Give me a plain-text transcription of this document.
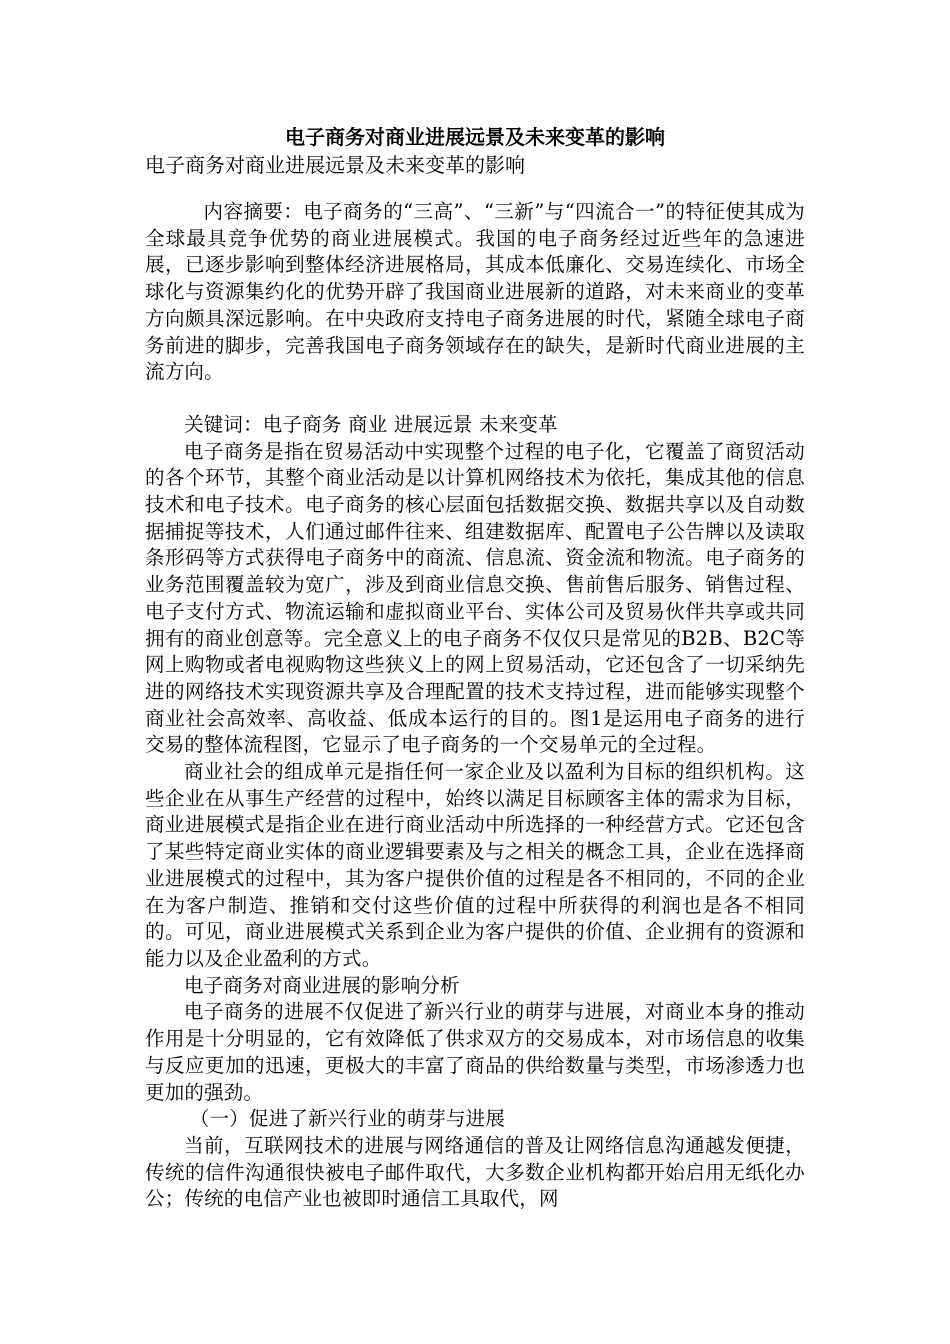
电子商务对商业进展远景及未来变革的影响
电子商务对商业进展远景及未来变革的影响

内容摘要：电子商务的“三高”、“三新”与“四流合一”的特征使其成为全球最具竞争优势的商业进展模式。我国的电子商务经过近些年的急速进展，已逐步影响到整体经济进展格局，其成本低廉化、交易连续化、市场全球化与资源集约化的优势开辟了我国商业进展新的道路，对未来商业的变革方向颇具深远影响。在中央政府支持电子商务进展的时代，紧随全球电子商务前进的脚步，完善我国电子商务领域存在的缺失，是新时代商业进展的主流方向。

关键词：电子商务 商业 进展远景 未来变革

电子商务是指在贸易活动中实现整个过程的电子化，它覆盖了商贸活动的各个环节，其整个商业活动是以计算机网络技术为依托，集成其他的信息技术和电子技术。电子商务的核心层面包括数据交换、数据共享以及自动数据捕捉等技术，人们通过邮件往来、组建数据库、配置电子公告牌以及读取条形码等方式获得电子商务中的商流、信息流、资金流和物流。电子商务的业务范围覆盖较为宽广，涉及到商业信息交换、售前售后服务、销售过程、电子支付方式、物流运输和虚拟商业平台、实体公司及贸易伙伴共享或共同拥有的商业创意等。完全意义上的电子商务不仅仅只是常见的B2B、B2C等网上购物或者电视购物这些狭义上的网上贸易活动，它还包含了一切采纳先进的网络技术实现资源共享及合理配置的技术支持过程，进而能够实现整个商业社会高效率、高收益、低成本运行的目的。图1是运用电子商务的进行交易的整体流程图，它显示了电子商务的一个交易单元的全过程。

商业社会的组成单元是指任何一家企业及以盈利为目标的组织机构。这些企业在从事生产经营的过程中，始终以满足目标顾客主体的需求为目标，商业进展模式是指企业在进行商业活动中所选择的一种经营方式。它还包含了某些特定商业实体的商业逻辑要素及与之相关的概念工具，企业在选择商业进展模式的过程中，其为客户提供价值的过程是各不相同的，不同的企业在为客户制造、推销和交付这些价值的过程中所获得的利润也是各不相同的。可见，商业进展模式关系到企业为客户提供的价值、企业拥有的资源和能力以及企业盈利的方式。

电子商务对商业进展的影响分析

电子商务的进展不仅促进了新兴行业的萌芽与进展，对商业本身的推动作用是十分明显的，它有效降低了供求双方的交易成本，对市场信息的收集与反应更加的迅速，更极大的丰富了商品的供给数量与类型，市场渗透力也更加的强劲。

（一）促进了新兴行业的萌芽与进展

当前，互联网技术的进展与网络通信的普及让网络信息沟通越发便捷，传统的信件沟通很快被电子邮件取代，大多数企业机构都开始启用无纸化办公；传统的电信产业也被即时通信工具取代，网
